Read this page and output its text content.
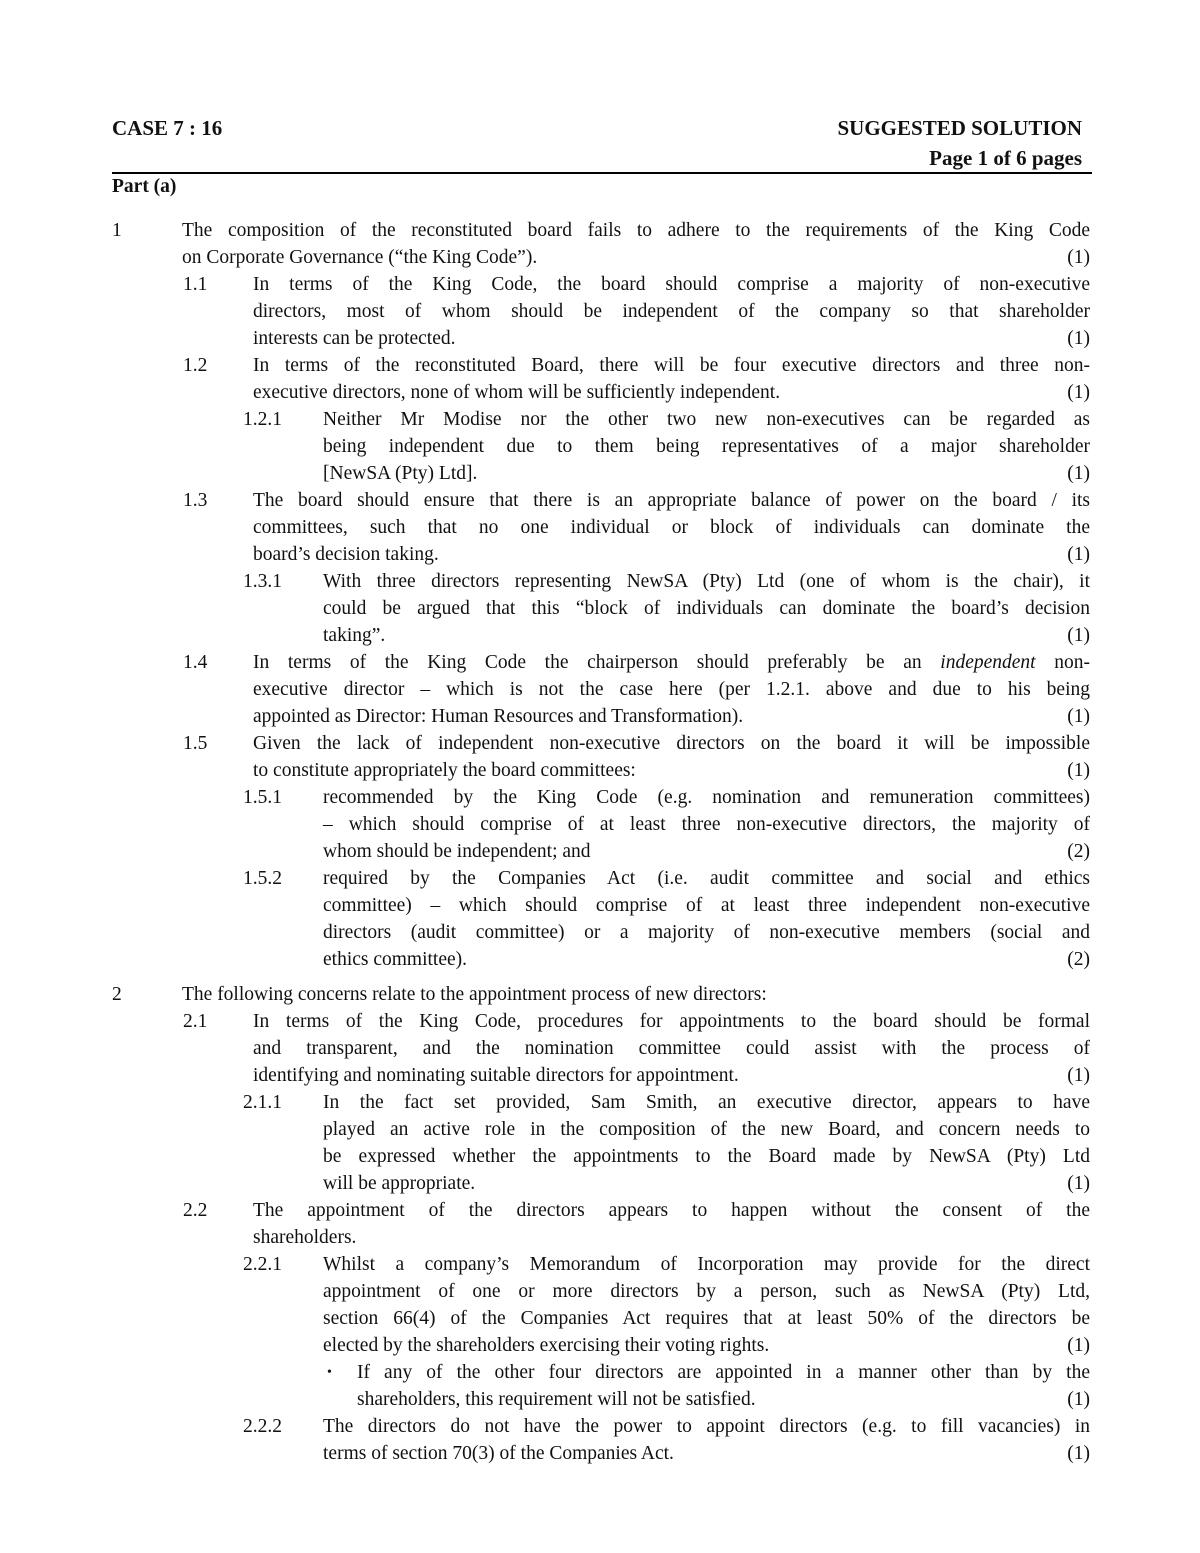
CASE 7 : 16	SUGGESTED SOLUTION
Page 1 of 6 pages
Part (a)
1	The composition of the reconstituted board fails to adhere to the requirements of the King Code
on Corporate Governance (“the King Code”).	(1)
1.1 In terms of the King Code, the board should comprise a majority of non-executive
directors, most of whom should be independent of the company so that shareholder
interests can be protected.	(1)
1.2 In terms of the reconstituted Board, there will be four executive directors and three non-
executive directors, none of whom will be sufficiently independent.	(1)
1.2.1 Neither Mr Modise nor the other two new non-executives can be regarded as
being independent due to them being representatives of a major shareholder
[NewSA (Pty) Ltd].	(1)
1.3 The board should ensure that there is an appropriate balance of power on the board / its
committees, such that no one individual or block of individuals can dominate the
board’s decision taking.	(1)
1.3.1 With three directors representing NewSA (Pty) Ltd (one of whom is the chair), it
could be argued that this “block of individuals can dominate the board’s decision
taking”.	(1)
1.4 In terms of the King Code the chairperson should preferably be an independent non-
executive director – which is not the case here (per 1.2.1. above and due to his being
appointed as Director: Human Resources and Transformation).	(1)
1.5 Given the lack of independent non-executive directors on the board it will be impossible
to constitute appropriately the board committees:	(1)
1.5.1 recommended by the King Code (e.g. nomination and remuneration committees)
– which should comprise of at least three non-executive directors, the majority of
whom should be independent; and	(2)
1.5.2 required by the Companies Act (i.e. audit committee and social and ethics
committee) – which should comprise of at least three independent non-executive
directors (audit committee) or a majority of non-executive members (social and
ethics committee).	(2)
2	The following concerns relate to the appointment process of new directors:
2.1 In terms of the King Code, procedures for appointments to the board should be formal
and transparent, and the nomination committee could assist with the process of
identifying and nominating suitable directors for appointment.	(1)
2.1.1 In the fact set provided, Sam Smith, an executive director, appears to have
played an active role in the composition of the new Board, and concern needs to
be expressed whether the appointments to the Board made by NewSA (Pty) Ltd
will be appropriate.	(1)
2.2 The appointment of the directors appears to happen without the consent of the
shareholders.
2.2.1 Whilst a company’s Memorandum of Incorporation may provide for the direct
appointment of one or more directors by a person, such as NewSA (Pty) Ltd,
section 66(4) of the Companies Act requires that at least 50% of the directors be
elected by the shareholders exercising their voting rights.	(1)
• If any of the other four directors are appointed in a manner other than by the
shareholders, this requirement will not be satisfied.	(1)
2.2.2 The directors do not have the power to appoint directors (e.g. to fill vacancies) in
terms of section 70(3) of the Companies Act.	(1)
